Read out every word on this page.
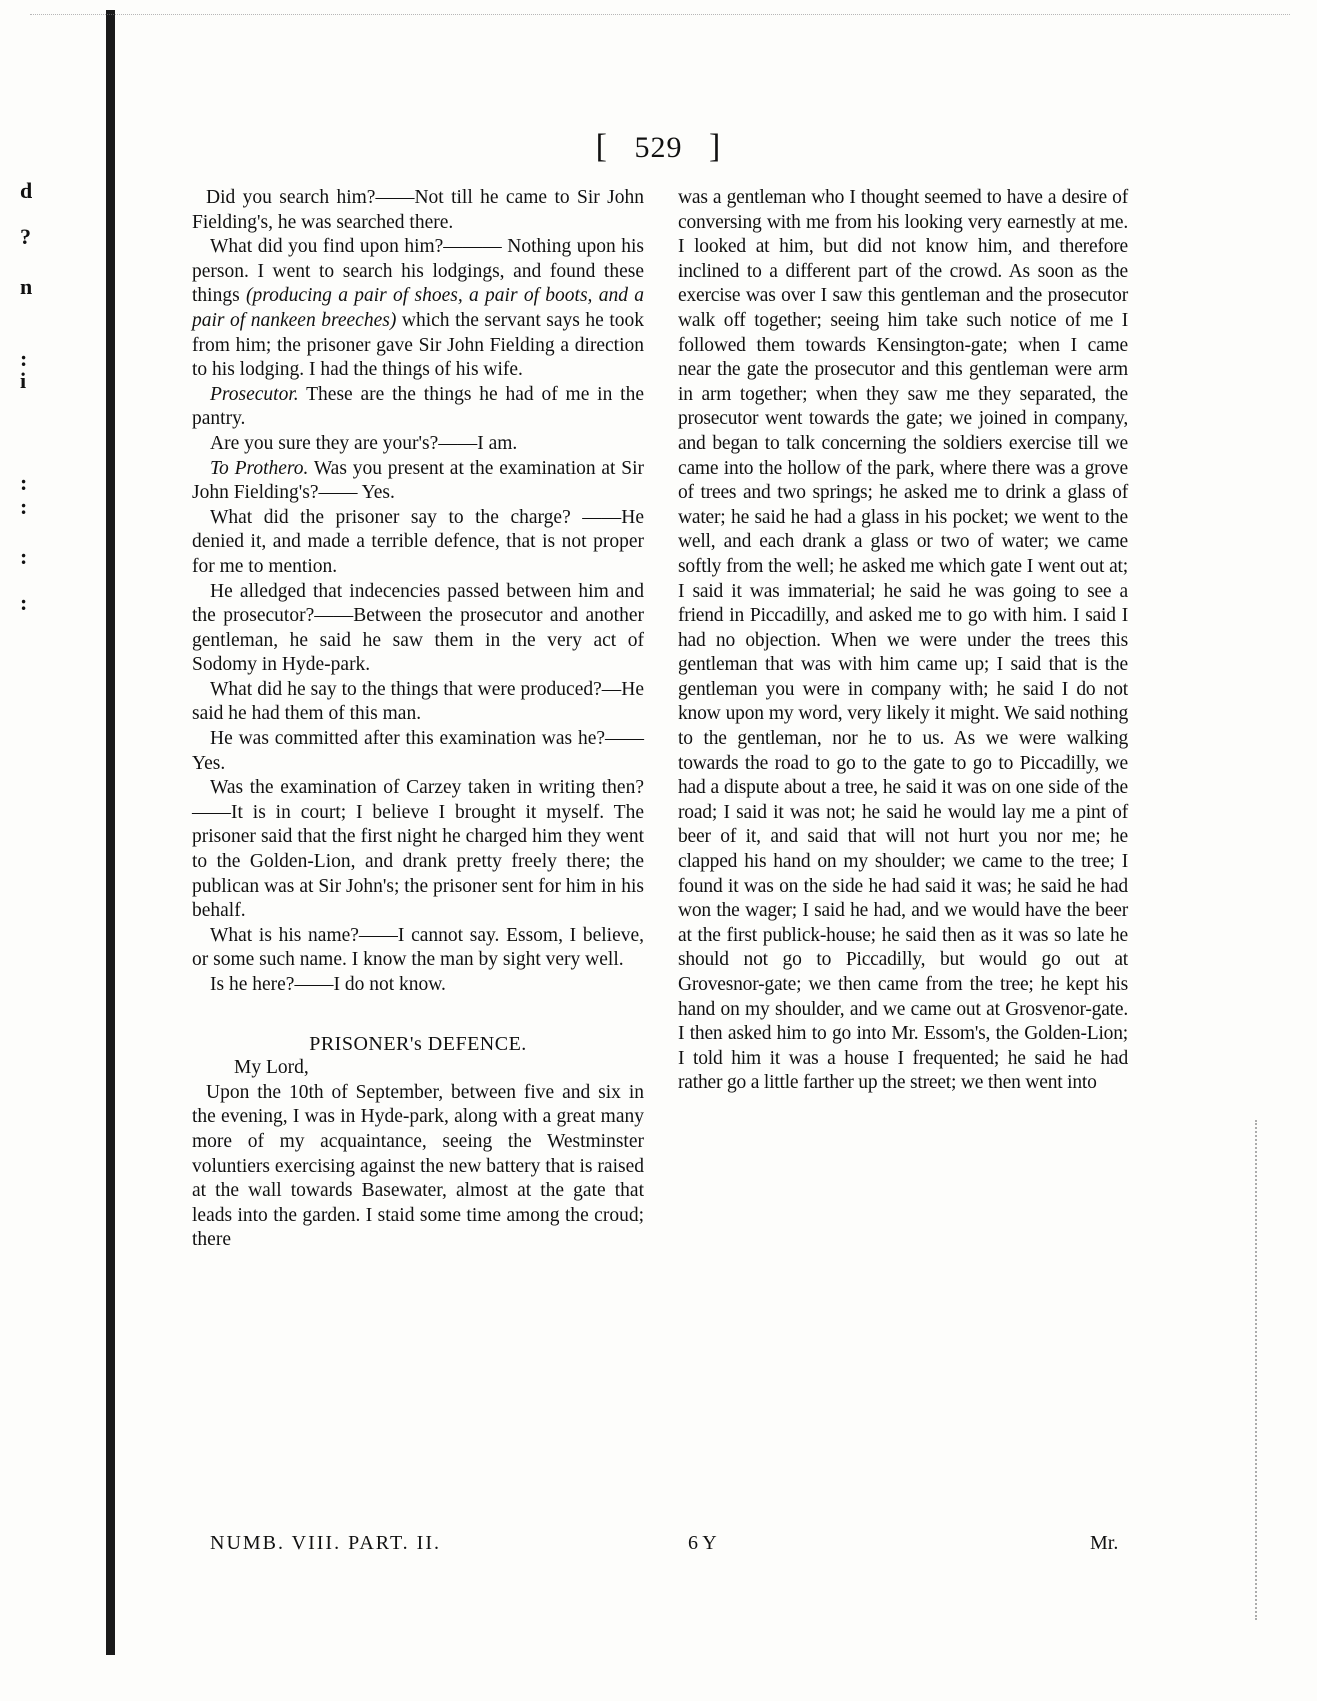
d
?
n
:
i
:
:
:
:
[ 529 ]

Did you search him?——Not till he came to Sir John Fielding's, he was searched there.

What did you find upon him?——— Nothing upon his person. I went to search his lodgings, and found these things (producing a pair of shoes, a pair of boots, and a pair of nankeen breeches) which the servant says he took from him; the prisoner gave Sir John Fielding a direction to his lodging. I had the things of his wife.

Prosecutor. These are the things he had of me in the pantry.

Are you sure they are your's?——I am.

To Prothero. Was you present at the examination at Sir John Fielding's?—— Yes.

What did the prisoner say to the charge? ——He denied it, and made a terrible defence, that is not proper for me to mention.

He alledged that indecencies passed between him and the prosecutor?——Between the prosecutor and another gentleman, he said he saw them in the very act of Sodomy in Hyde-park.

What did he say to the things that were produced?—He said he had them of this man.

He was committed after this examination was he?——Yes.

Was the examination of Carzey taken in writing then?——It is in court; I believe I brought it myself. The prisoner said that the first night he charged him they went to the Golden-Lion, and drank pretty freely there; the publican was at Sir John's; the prisoner sent for him in his behalf.

What is his name?——I cannot say. Essom, I believe, or some such name. I know the man by sight very well.

Is he here?——I do not know.

PRISONER's DEFENCE.

My Lord,

Upon the 10th of September, between five and six in the evening, I was in Hyde-park, along with a great many more of my acquaintance, seeing the Westminster voluntiers exercising against the new battery that is raised at the wall towards Basewater, almost at the gate that leads into the garden. I staid some time among the croud; there

was a gentleman who I thought seemed to have a desire of conversing with me from his looking very earnestly at me. I looked at him, but did not know him, and therefore inclined to a different part of the crowd. As soon as the exercise was over I saw this gentleman and the prosecutor walk off together; seeing him take such notice of me I followed them towards Kensington-gate; when I came near the gate the prosecutor and this gentleman were arm in arm together; when they saw me they separated, the prosecutor went towards the gate; we joined in company, and began to talk concerning the soldiers exercise till we came into the hollow of the park, where there was a grove of trees and two springs; he asked me to drink a glass of water; he said he had a glass in his pocket; we went to the well, and each drank a glass or two of water; we came softly from the well; he asked me which gate I went out at; I said it was immaterial; he said he was going to see a friend in Piccadilly, and asked me to go with him. I said I had no objection. When we were under the trees this gentleman that was with him came up; I said that is the gentleman you were in company with; he said I do not know upon my word, very likely it might. We said nothing to the gentleman, nor he to us. As we were walking towards the road to go to the gate to go to Piccadilly, we had a dispute about a tree, he said it was on one side of the road; I said it was not; he said he would lay me a pint of beer of it, and said that will not hurt you nor me; he clapped his hand on my shoulder; we came to the tree; I found it was on the side he had said it was; he said he had won the wager; I said he had, and we would have the beer at the first publick-house; he said then as it was so late he should not go to Piccadilly, but would go out at Grovesnor-gate; we then came from the tree; he kept his hand on my shoulder, and we came out at Grosvenor-gate. I then asked him to go into Mr. Essom's, the Golden-Lion; I told him it was a house I frequented; he said he had rather go a little farther up the street; we then went into

NUMB. VIII. PART. II.	6 Y	Mr.
